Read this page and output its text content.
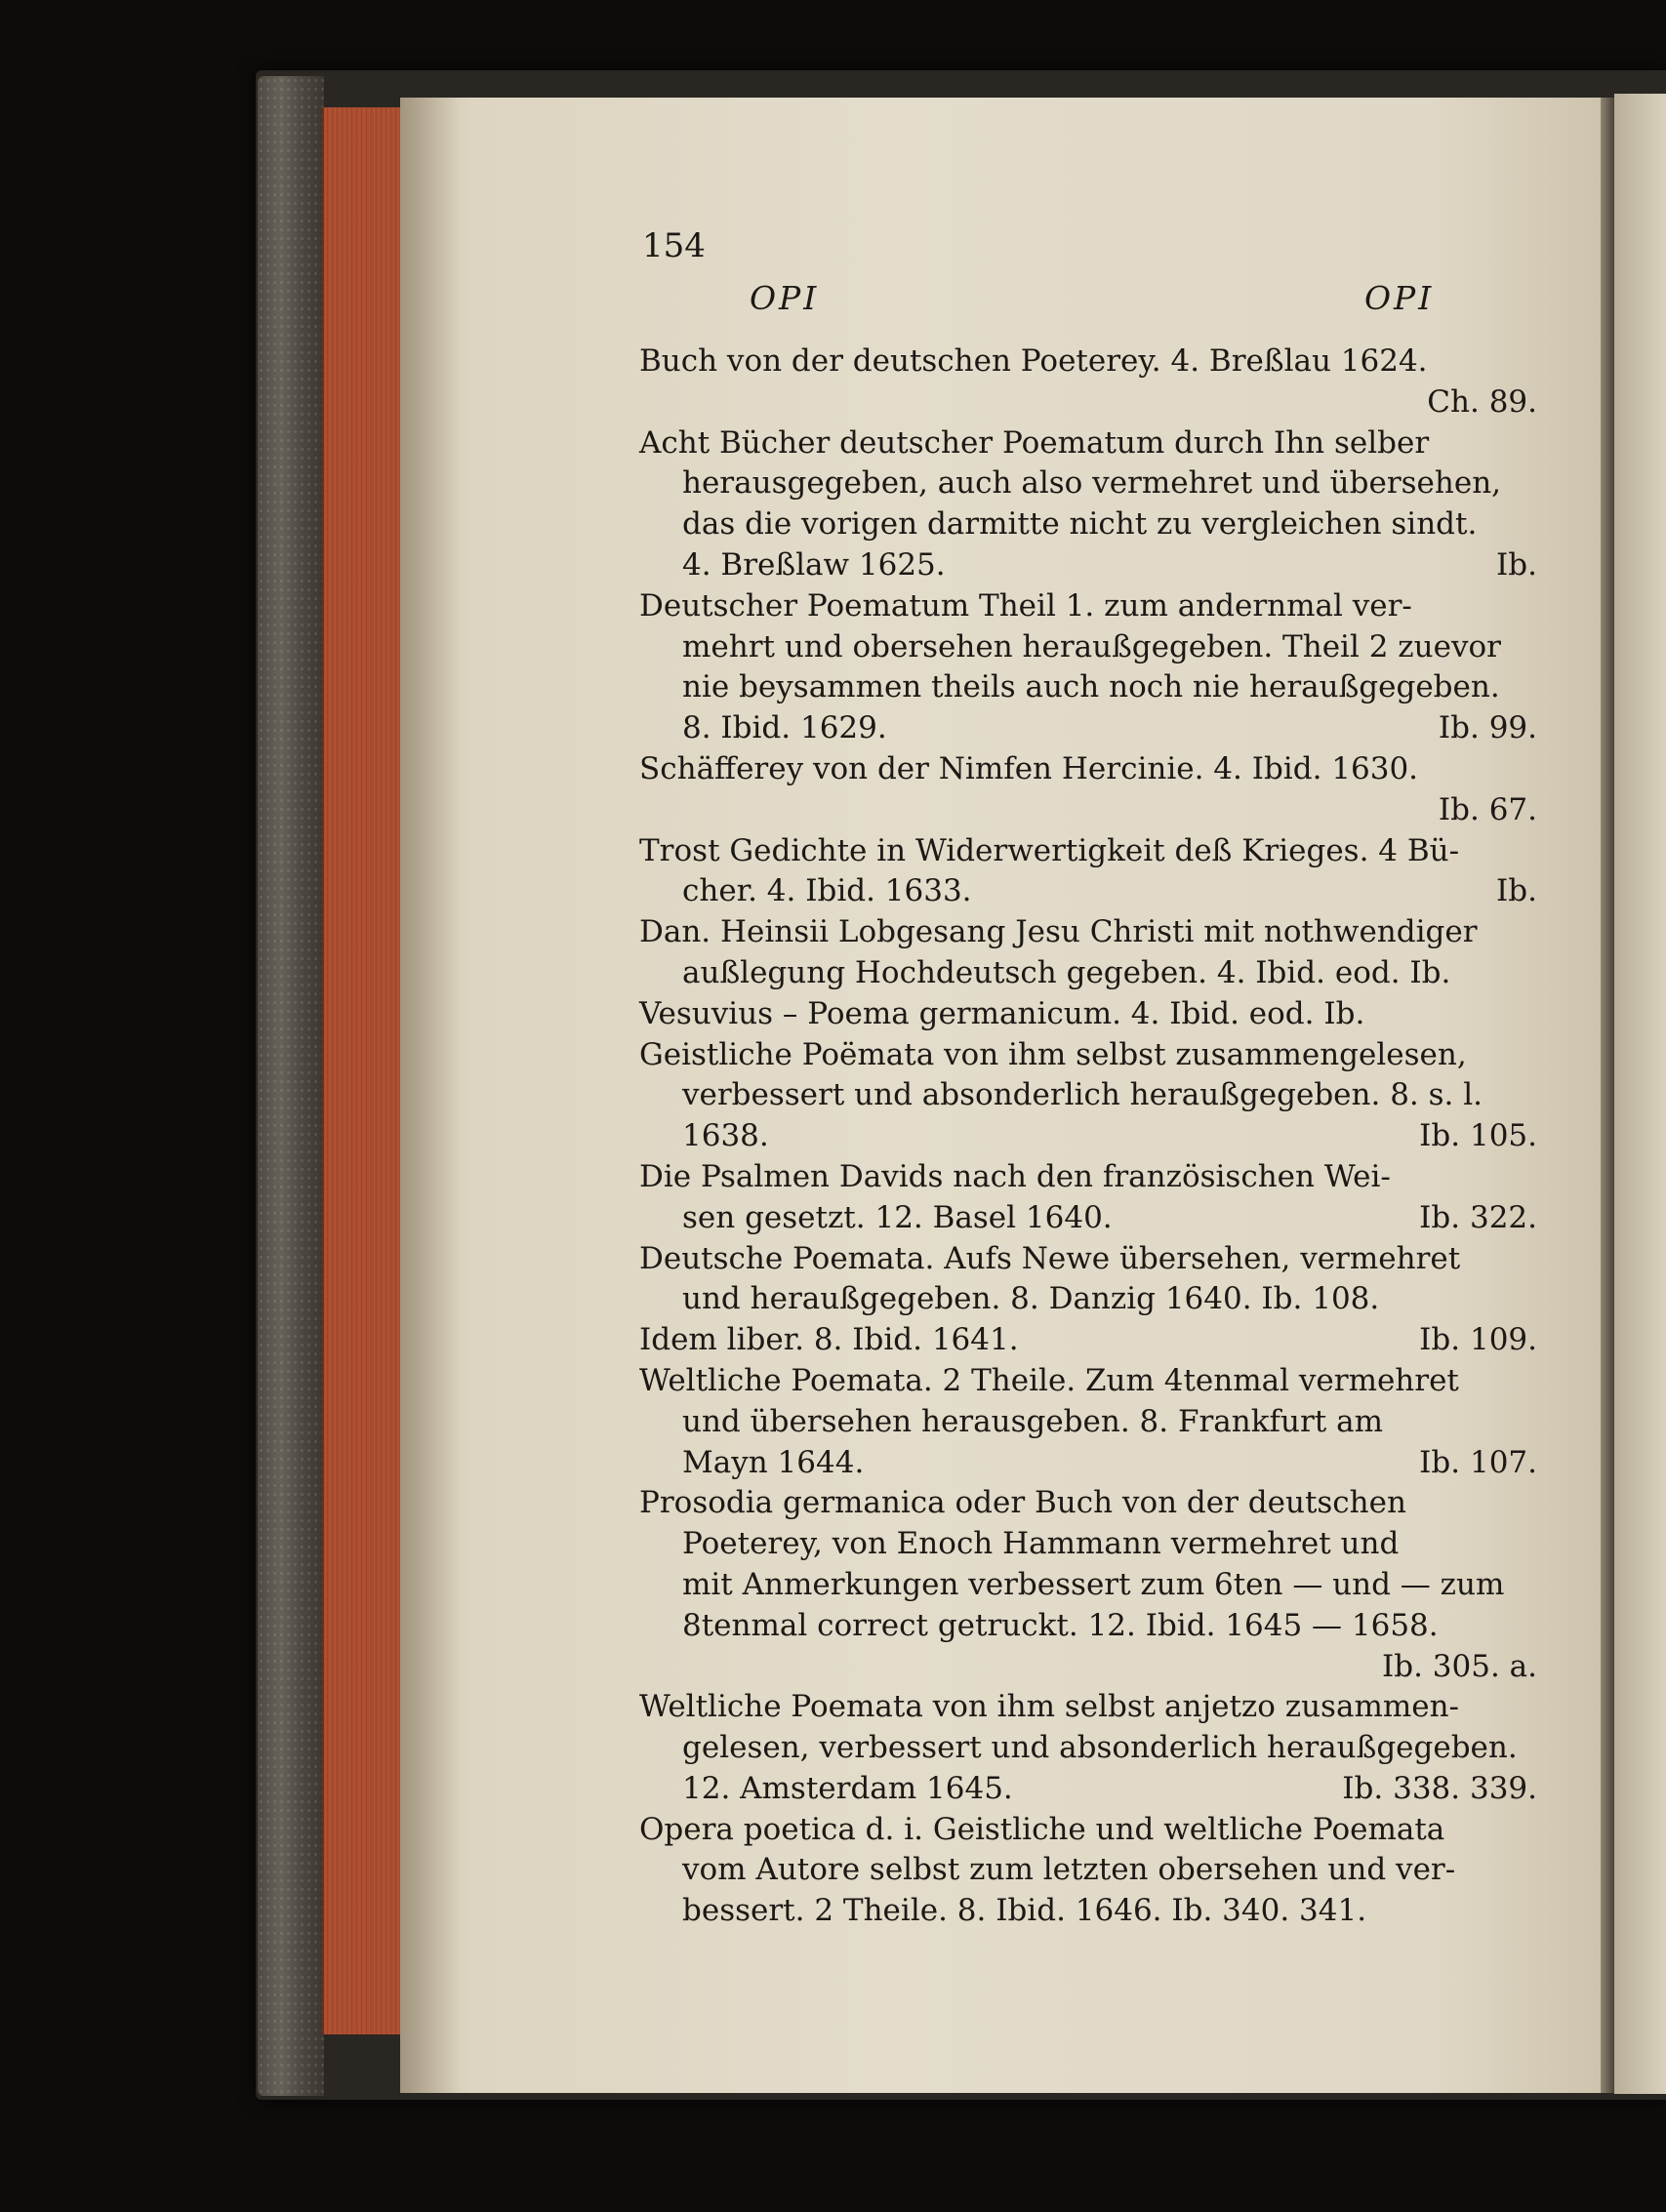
154
OPI	OPI
Buch von der deutschen Poeterey. 4. Breßlau 1624.
Ch. 89.
Acht Bücher deutscher Poematum durch Ihn selber
herausgegeben, auch also vermehret und übersehen,
das die vorigen darmitte nicht zu vergleichen sindt.
Ib.
4. Breßlaw 1625.
Deutscher Poematum Theil 1. zum andernmal ver-
mehrt und obersehen heraußgegeben. Theil 2 zuevor
nie beysammen theils auch noch nie heraußgegeben.
Ib. 99.
8. Ibid. 1629.
Schäfferey von der Nimfen Hercinie. 4. Ibid. 1630.
Ib. 67.
Trost Gedichte in Widerwertigkeit deß Krieges. 4 Bü-
Ib.
cher. 4. Ibid. 1633.
Dan. Heinsii Lobgesang Jesu Christi mit nothwendiger
außlegung Hochdeutsch gegeben. 4. Ibid. eod. Ib.
Vesuvius – Poema germanicum. 4. Ibid. eod. Ib.
Geistliche Poëmata von ihm selbst zusammengelesen,
verbessert und absonderlich heraußgegeben. 8. s. l.
Ib. 105.
1638.
Die Psalmen Davids nach den französischen Wei-
Ib. 322.
sen gesetzt. 12. Basel 1640.
Deutsche Poemata. Aufs Newe übersehen, vermehret
und heraußgegeben. 8. Danzig 1640. Ib. 108.
Ib. 109.
Idem liber. 8. Ibid. 1641.
Weltliche Poemata. 2 Theile. Zum 4tenmal vermehret
und übersehen herausgeben. 8. Frankfurt am
Ib. 107.
Mayn 1644.
Prosodia germanica oder Buch von der deutschen
Poeterey, von Enoch Hammann vermehret und
mit Anmerkungen verbessert zum 6ten — und — zum
8tenmal correct getruckt. 12. Ibid. 1645 — 1658.
Ib. 305. a.
Weltliche Poemata von ihm selbst anjetzo zusammen-
gelesen, verbessert und absonderlich heraußgegeben.
Ib. 338. 339.
12. Amsterdam 1645.
Opera poetica d. i. Geistliche und weltliche Poemata
vom Autore selbst zum letzten obersehen und ver-
bessert. 2 Theile. 8. Ibid. 1646. Ib. 340. 341.
